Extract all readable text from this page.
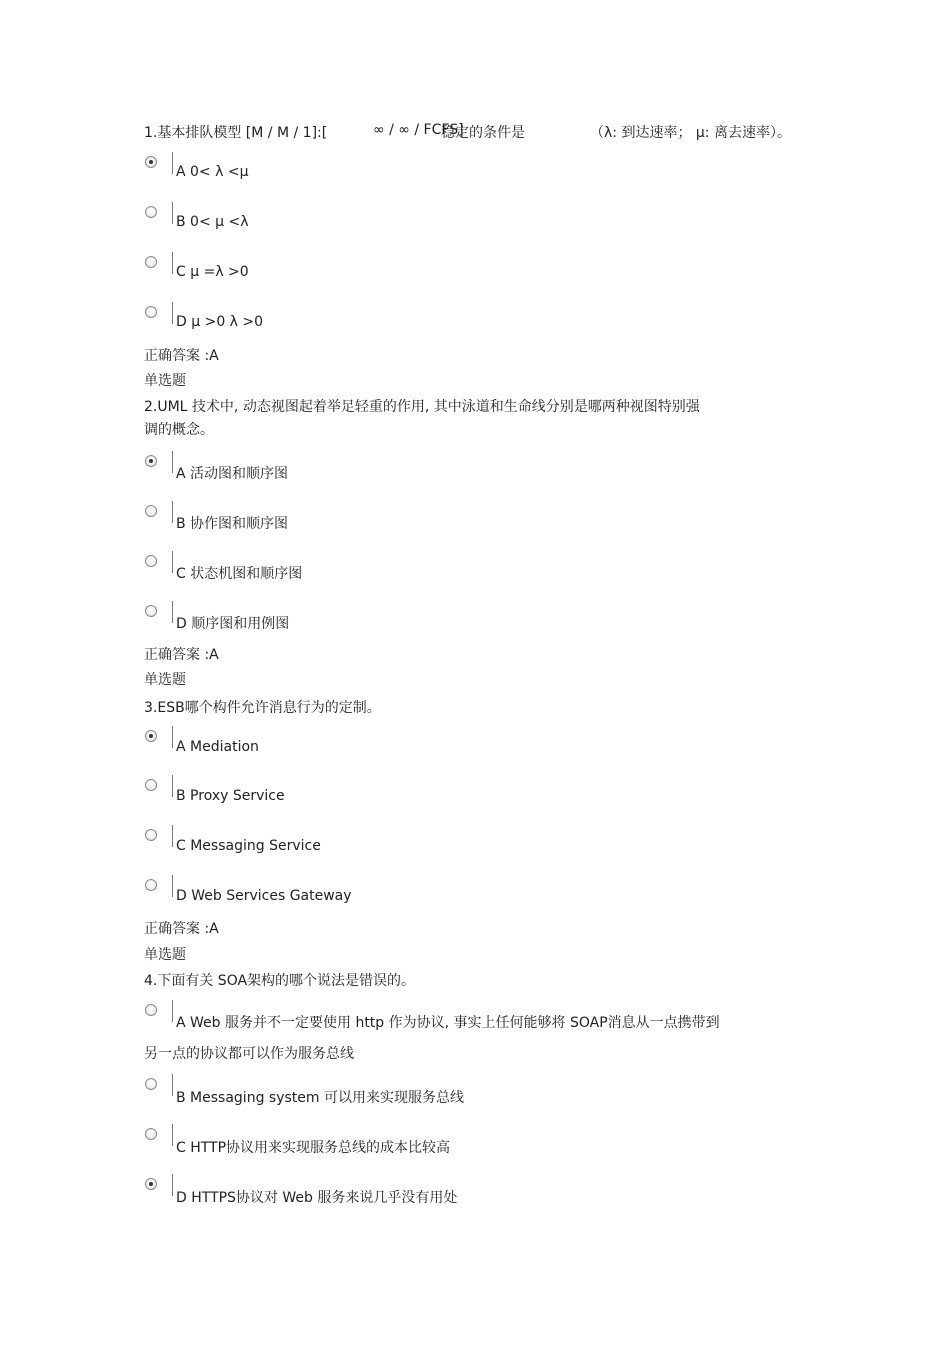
1.基本排队模型 [M / M / 1]:[	∞ / ∞ / FCFS]
稳定的条件是	（λ: 到达速率； μ: 离去速率）。
A 0< λ <μ
B 0< μ <λ
C μ =λ >0
D μ >0 λ >0
正确答案 :A
单选题
2.UML 技术中, 动态视图起着举足轻重的作用, 其中泳道和生命线分别是哪两种视图特别强
调的概念。
A 活动图和顺序图
B 协作图和顺序图
C 状态机图和顺序图
D 顺序图和用例图
正确答案 :A
单选题
3.ESB哪个构件允许消息行为的定制。
A Mediation
B Proxy Service
C Messaging Service
D Web Services Gateway
正确答案 :A
单选题
4.下面有关 SOA架构的哪个说法是错误的。
A Web 服务并不一定要使用 http 作为协议, 事实上任何能够将 SOAP消息从一点携带到
另一点的协议都可以作为服务总线
B Messaging system 可以用来实现服务总线
C HTTP协议用来实现服务总线的成本比较高
D HTTPS协议对 Web 服务来说几乎没有用处
